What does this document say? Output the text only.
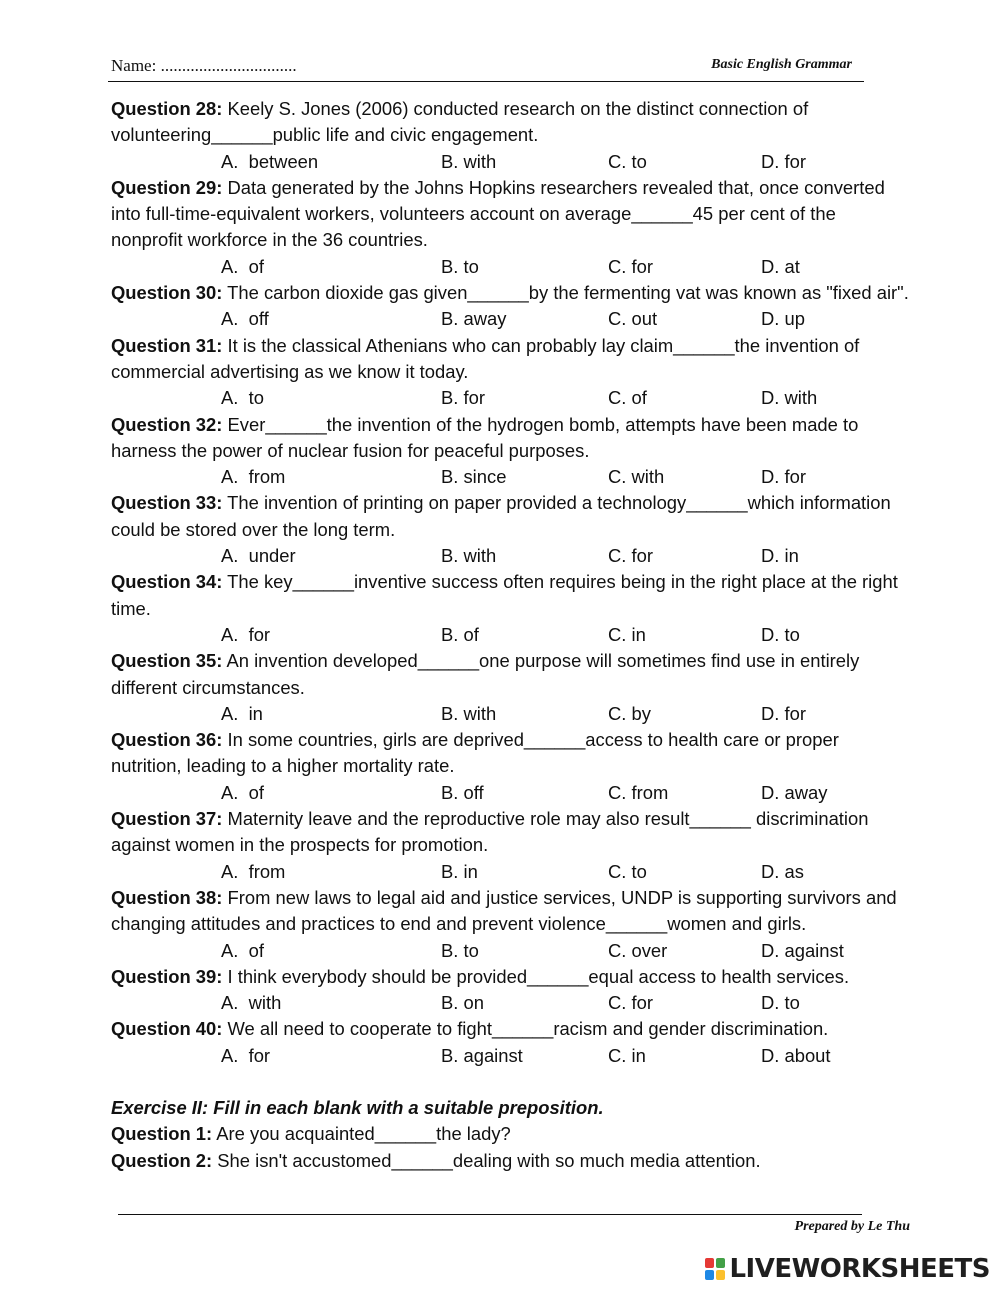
Name: ................................	Basic English Grammar
Question 28: Keely S. Jones (2006) conducted research on the distinct connection of volunteering______public life and civic engagement.
A.  between	B. with	C. to	D. for
Question 29: Data generated by the Johns Hopkins researchers revealed that, once converted into full-time-equivalent workers, volunteers account on average______45 per cent of the nonprofit workforce in the 36 countries.
A.  of	B. to	C. for	D. at
Question 30: The carbon dioxide gas given______by the fermenting vat was known as "fixed air".
A.  off	B. away	C. out	D. up
Question 31: It is the classical Athenians who can probably lay claim______the invention of commercial advertising as we know it today.
A.  to	B. for	C. of	D. with
Question 32: Ever______the invention of the hydrogen bomb, attempts have been made to harness the power of nuclear fusion for peaceful purposes.
A.  from	B. since	C. with	D. for
Question 33: The invention of printing on paper provided a technology______which information could be stored over the long term.
A.  under	B. with	C. for	D. in
Question 34: The key______inventive success often requires being in the right place at the right time.
A.  for	B. of	C. in	D. to
Question 35: An invention developed______one purpose will sometimes find use in entirely different circumstances.
A.  in	B. with	C. by	D. for
Question 36: In some countries, girls are deprived______access to health care or proper nutrition, leading to a higher mortality rate.
A.  of	B. off	C. from	D. away
Question 37: Maternity leave and the reproductive role may also result______ discrimination against women in the prospects for promotion.
A.  from	B. in	C. to	D. as
Question 38: From new laws to legal aid and justice services, UNDP is supporting survivors and changing attitudes and practices to end and prevent violence______women and girls.
A.  of	B. to	C. over	D. against
Question 39: I think everybody should be provided______equal access to health services.
A.  with	B. on	C. for	D. to
Question 40: We all need to cooperate to fight______racism and gender discrimination.
A.  for	B. against	C. in	D. about
Exercise II: Fill in each blank with a suitable preposition.
Question 1: Are you acquainted______the lady?
Question 2: She isn't accustomed______dealing with so much media attention.
Prepared by Le Thu
LIVEWORKSHEETS
